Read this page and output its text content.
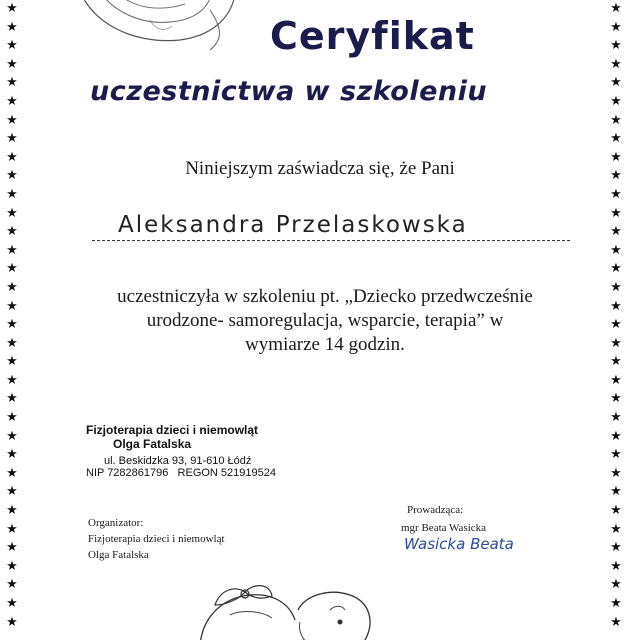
★
★
★
★
★
★
★
★
★
★
★
★
★
★
★
★
★
★
★
★
★
★
★
★
★
★
★
★
★
★
★
★
★
★
★
★
★
★
★
★
★
★
★
★
★
★
★
★
★
★
★
★
★
★
★
★
★
★
★
★
★
★
★
★
★
★
★
★
Ceryfikat
uczestnictwa w szkoleniu
Niniejszym zaświadcza się, że Pani
Aleksandra Przelaskowska
uczestniczyła w szkoleniu pt. „Dziecko przedwcześnie
urodzone- samoregulacja, wsparcie, terapia” w
wymiarze 14 godzin.
Fizjoterapia dzieci i niemowląt
Olga Fatalska
ul. Beskidzka 93, 91-610 Łódź
NIP 7282861796   REGON 521919524
Organizator:
Fizjoterapia dzieci i niemowląt
Olga Fatalska
Prowadząca:
mgr Beata Wasicka
Wasicka Beata
